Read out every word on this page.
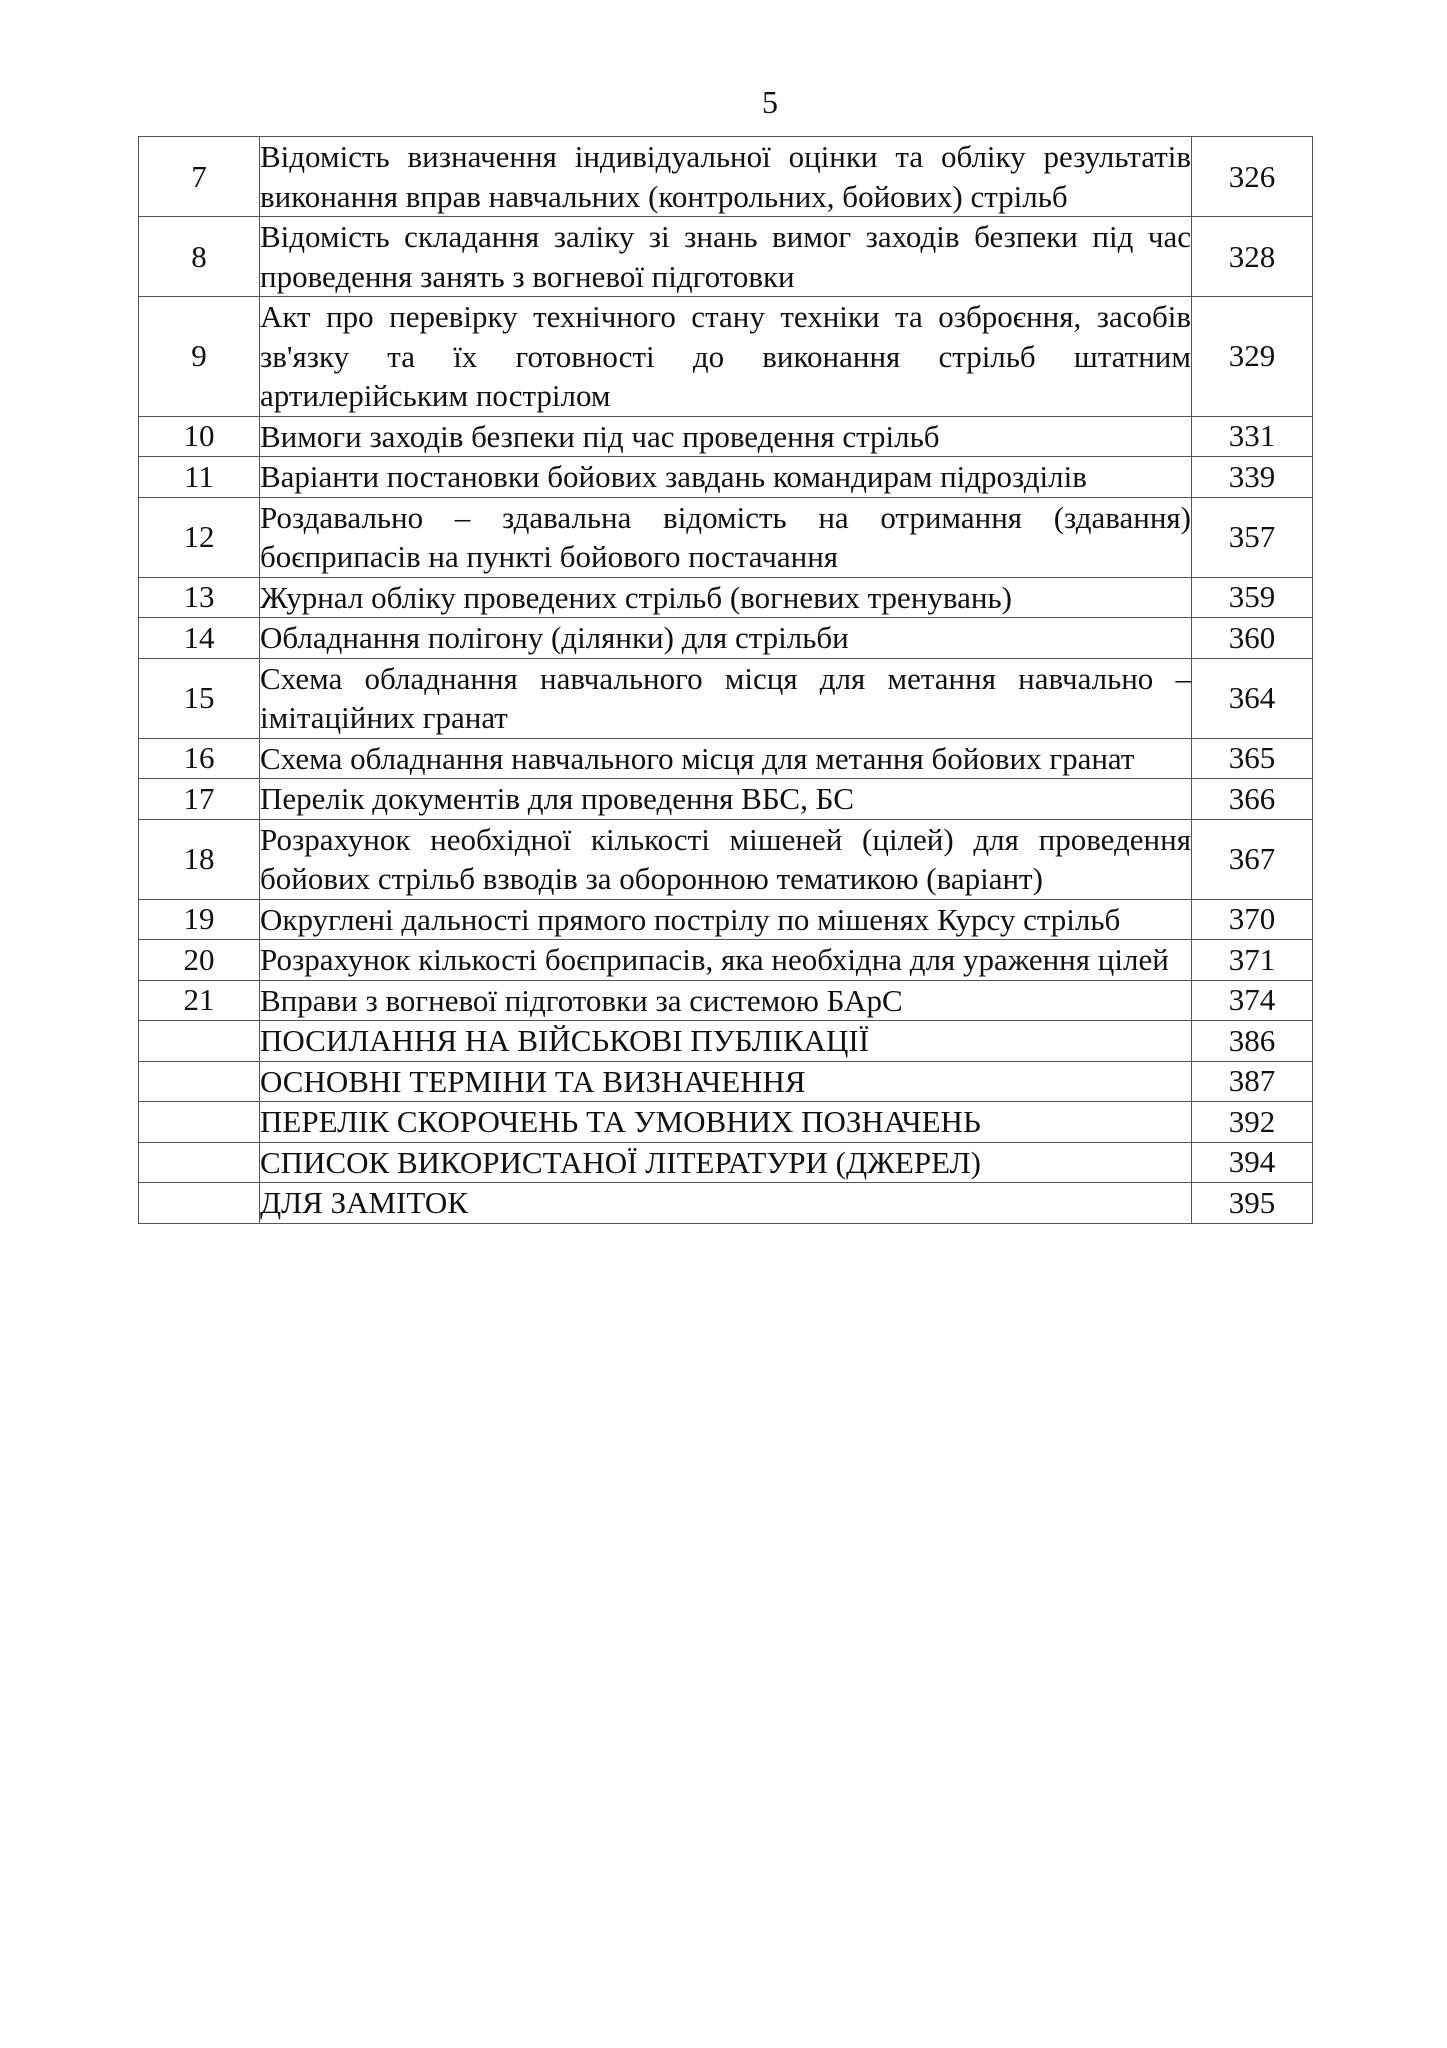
5
7	Відомість визначення індивідуальної оцінки та обліку результатів виконання вправ навчальних (контрольних, бойових) стрільб	326
8	Відомість складання заліку зі знань вимог заходів безпеки під час проведення занять з вогневої підготовки	328
9	Акт про перевірку технічного стану техніки та озброєння, засобів зв'язку та їх готовності до виконання стрільб штатним артилерійським пострілом	329
10	Вимоги заходів безпеки під час проведення стрільб	331
11	Варіанти постановки бойових завдань командирам підрозділів	339
12	Роздавально – здавальна відомість на отримання (здавання) боєприпасів на пункті бойового постачання	357
13	Журнал обліку проведених стрільб (вогневих тренувань)	359
14	Обладнання полігону (ділянки) для стрільби	360
15	Схема обладнання навчального місця для метання навчально – імітаційних гранат	364
16	Схема обладнання навчального місця для метання бойових гранат	365
17	Перелік документів для проведення ВБС, БС	366
18	Розрахунок необхідної кількості мішеней (цілей) для проведення бойових стрільб взводів за оборонною тематикою (варіант)	367
19	Округлені дальності прямого пострілу по мішенях Курсу стрільб	370
20	Розрахунок кількості боєприпасів, яка необхідна для ураження цілей	371
21	Вправи з вогневої підготовки за системою БАрС	374
	ПОСИЛАННЯ НА ВІЙСЬКОВІ ПУБЛІКАЦІЇ	386
	ОСНОВНІ ТЕРМІНИ ТА ВИЗНАЧЕННЯ	387
	ПЕРЕЛІК СКОРОЧЕНЬ ТА УМОВНИХ ПОЗНАЧЕНЬ	392
	СПИСОК ВИКОРИСТАНОЇ ЛІТЕРАТУРИ (ДЖЕРЕЛ)	394
	ДЛЯ ЗАМІТОК	395
